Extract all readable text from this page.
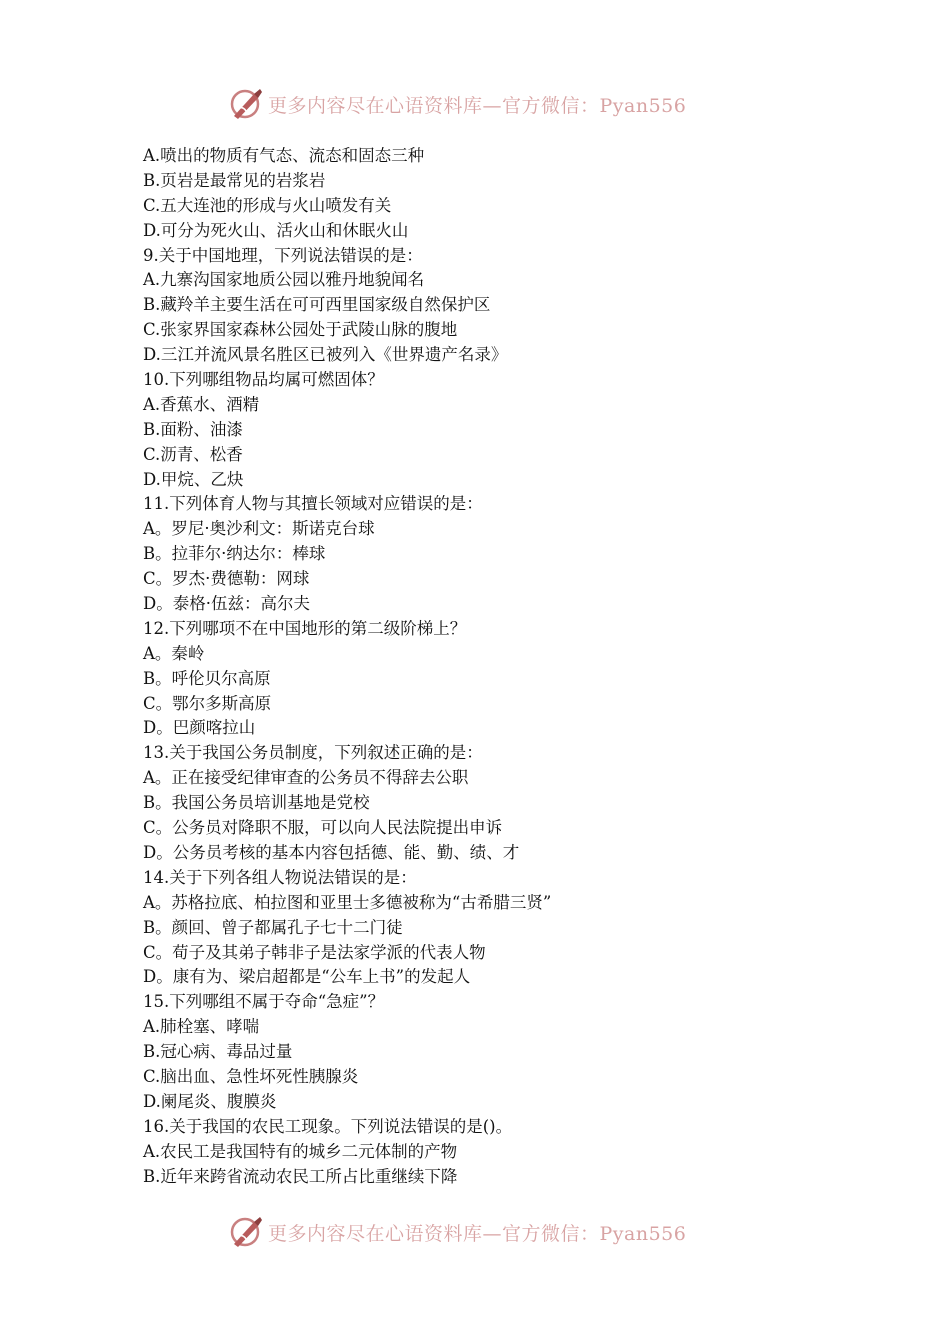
更多内容尽在心语资料库—官方微信：Pyan556
A.喷出的物质有气态、流态和固态三种
B.页岩是最常见的岩浆岩
C.五大连池的形成与火山喷发有关
D.可分为死火山、活火山和休眠火山
9.关于中国地理，下列说法错误的是：
A.九寨沟国家地质公园以雅丹地貌闻名
B.藏羚羊主要生活在可可西里国家级自然保护区
C.张家界国家森林公园处于武陵山脉的腹地
D.三江并流风景名胜区已被列入《世界遗产名录》
10.下列哪组物品均属可燃固体？
A.香蕉水、酒精
B.面粉、油漆
C.沥青、松香
D.甲烷、乙炔
11.下列体育人物与其擅长领域对应错误的是：
A。罗尼·奥沙利文：斯诺克台球
B。拉菲尔·纳达尔：棒球
C。罗杰·费德勒：网球
D。泰格·伍兹：高尔夫
12.下列哪项不在中国地形的第二级阶梯上？
A。秦岭
B。呼伦贝尔高原
C。鄂尔多斯高原
D。巴颜喀拉山
13.关于我国公务员制度，下列叙述正确的是：
A。正在接受纪律审查的公务员不得辞去公职
B。我国公务员培训基地是党校
C。公务员对降职不服，可以向人民法院提出申诉
D。公务员考核的基本内容包括德、能、勤、绩、才
14.关于下列各组人物说法错误的是：
A。苏格拉底、柏拉图和亚里士多德被称为“古希腊三贤”
B。颜回、曾子都属孔子七十二门徒
C。荀子及其弟子韩非子是法家学派的代表人物
D。康有为、梁启超都是“公车上书”的发起人
15.下列哪组不属于夺命“急症”？
A.肺栓塞、哮喘
B.冠心病、毒品过量
C.脑出血、急性坏死性胰腺炎
D.阑尾炎、腹膜炎
16.关于我国的农民工现象。下列说法错误的是()。
A.农民工是我国特有的城乡二元体制的产物
B.近年来跨省流动农民工所占比重继续下降
更多内容尽在心语资料库—官方微信：Pyan556
